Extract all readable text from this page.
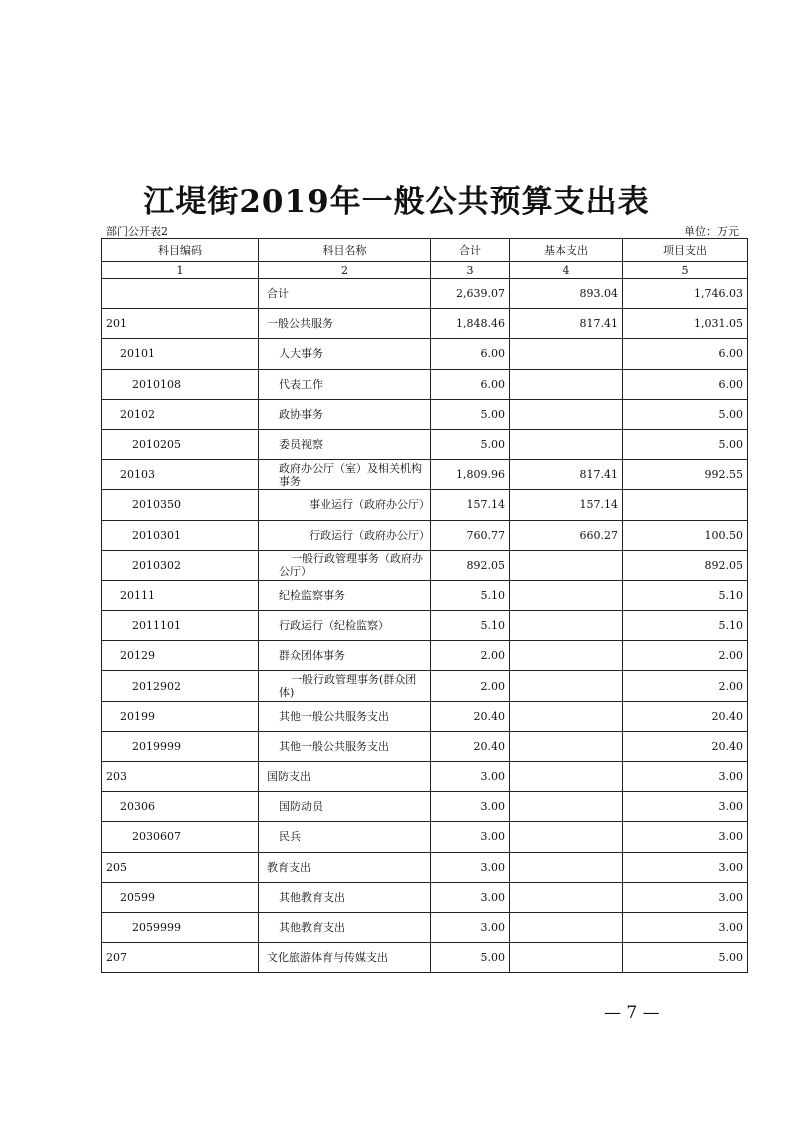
江堤街2019年一般公共预算支出表
部门公开表2	单位：万元
科目编码	科目名称	合计	基本支出	项目支出
1	2	3	4	5
	合计	2,639.07	893.04	1,746.03
201	一般公共服务	1,848.46	817.41	1,031.05
20101	人大事务	6.00		6.00
2010108	代表工作	6.00		6.00
20102	政协事务	5.00		5.00
2010205	委员视察	5.00		5.00
20103	政府办公厅（室）及相关机构事务	1,809.96	817.41	992.55
2010350	事业运行（政府办公厅）	157.14	157.14	
2010301	行政运行（政府办公厅）	760.77	660.27	100.50
2010302	一般行政管理事务（政府办公厅）	892.05		892.05
20111	纪检监察事务	5.10		5.10
2011101	行政运行（纪检监察）	5.10		5.10
20129	群众团体事务	2.00		2.00
2012902	一般行政管理事务(群众团体)	2.00		2.00
20199	其他一般公共服务支出	20.40		20.40
2019999	其他一般公共服务支出	20.40		20.40
203	国防支出	3.00		3.00
20306	国防动员	3.00		3.00
2030607	民兵	3.00		3.00
205	教育支出	3.00		3.00
20599	其他教育支出	3.00		3.00
2059999	其他教育支出	3.00		3.00
207	文化旅游体育与传媒支出	5.00		5.00
— 7 —
